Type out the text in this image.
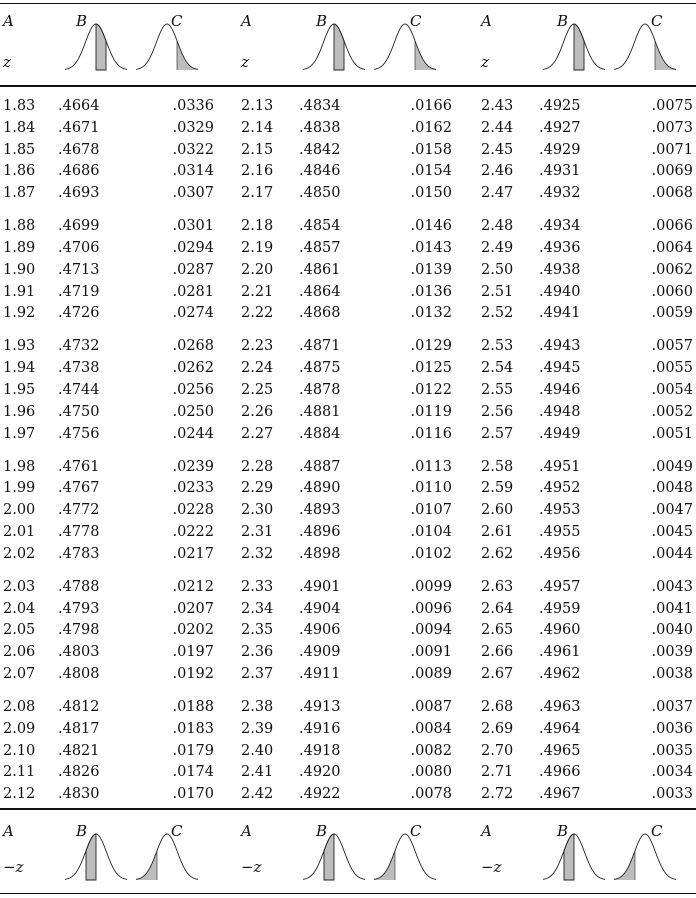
A	B	C
z
A	B	C
z
A	B	C
z
1.83 .4664	.0336 2.13 .4834	.0166 2.43 .4925	.0075
1.84 .4671	.0329 2.14 .4838	.0162 2.44 .4927	.0073
1.85 .4678	.0322 2.15 .4842	.0158 2.45 .4929	.0071
1.86 .4686	.0314 2.16 .4846	.0154 2.46 .4931	.0069
1.87 .4693	.0307 2.17 .4850	.0150 2.47 .4932	.0068
1.88 .4699	.0301 2.18 .4854	.0146 2.48 .4934	.0066
1.89 .4706	.0294 2.19 .4857	.0143 2.49 .4936	.0064
1.90 .4713	.0287 2.20 .4861	.0139 2.50 .4938	.0062
1.91 .4719	.0281 2.21 .4864	.0136 2.51 .4940	.0060
1.92 .4726	.0274 2.22 .4868	.0132 2.52 .4941	.0059
1.93 .4732	.0268 2.23 .4871	.0129 2.53 .4943	.0057
1.94 .4738	.0262 2.24 .4875	.0125 2.54 .4945	.0055
1.95 .4744	.0256 2.25 .4878	.0122 2.55 .4946	.0054
1.96 .4750	.0250 2.26 .4881	.0119 2.56 .4948	.0052
1.97 .4756	.0244 2.27 .4884	.0116 2.57 .4949	.0051
1.98 .4761	.0239 2.28 .4887	.0113 2.58 .4951	.0049
1.99 .4767	.0233 2.29 .4890	.0110 2.59 .4952	.0048
2.00 .4772	.0228 2.30 .4893	.0107 2.60 .4953	.0047
2.01 .4778	.0222 2.31 .4896	.0104 2.61 .4955	.0045
2.02 .4783	.0217 2.32 .4898	.0102 2.62 .4956	.0044
2.03 .4788	.0212 2.33 .4901	.0099 2.63 .4957	.0043
2.04 .4793	.0207 2.34 .4904	.0096 2.64 .4959	.0041
2.05 .4798	.0202 2.35 .4906	.0094 2.65 .4960	.0040
2.06 .4803	.0197 2.36 .4909	.0091 2.66 .4961	.0039
2.07 .4808	.0192 2.37 .4911	.0089 2.67 .4962	.0038
2.08 .4812	.0188 2.38 .4913	.0087 2.68 .4963	.0037
2.09 .4817	.0183 2.39 .4916	.0084 2.69 .4964	.0036
2.10 .4821	.0179 2.40 .4918	.0082 2.70 .4965	.0035
2.11 .4826	.0174 2.41 .4920	.0080 2.71 .4966	.0034
2.12 .4830	.0170 2.42 .4922	.0078 2.72 .4967	.0033
A	B	C
−z
A	B	C
−z
A	B	C
−z
